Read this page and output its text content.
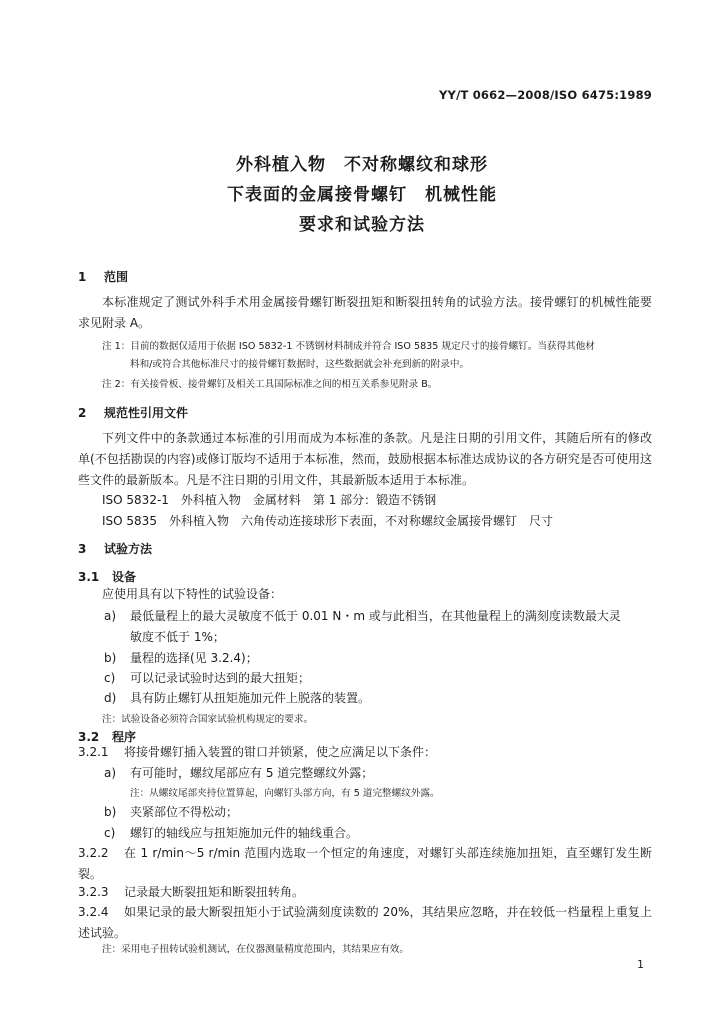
YY/T 0662—2008/ISO 6475:1989
外科植入物　不对称螺纹和球形
下表面的金属接骨螺钉　机械性能
要求和试验方法
1 范围
本标准规定了测试外科手术用金属接骨螺钉断裂扭矩和断裂扭转角的试验方法。接骨螺钉的机械性能要求见附录 A。
注 1：目前的数据仅适用于依据 ISO 5832-1 不锈钢材料制成并符合 ISO 5835 规定尺寸的接骨螺钉。当获得其他材
料和/或符合其他标准尺寸的接骨螺钉数据时，这些数据就会补充到新的附录中。
注 2：有关接骨板、接骨螺钉及相关工具国际标准之间的相互关系参见附录 B。
2 规范性引用文件
下列文件中的条款通过本标准的引用而成为本标准的条款。凡是注日期的引用文件，其随后所有的修改单(不包括勘误的内容)或修订版均不适用于本标准，然而，鼓励根据本标准达成协议的各方研究是否可使用这些文件的最新版本。凡是不注日期的引用文件，其最新版本适用于本标准。
ISO 5832-1　外科植入物　金属材料　第 1 部分：锻造不锈钢
ISO 5835　外科植入物　六角传动连接球形下表面，不对称螺纹金属接骨螺钉　尺寸
3 试验方法
3.1 设备
应使用具有以下特性的试验设备：
a) 最低量程上的最大灵敏度不低于 0.01 N・m 或与此相当，在其他量程上的满刻度读数最大灵
敏度不低于 1%；
b) 量程的选择(见 3.2.4)；
c) 可以记录试验时达到的最大扭矩；
d) 具有防止螺钉从扭矩施加元件上脱落的装置。
注：试验设备必须符合国家试验机构规定的要求。
3.2 程序
3.2.1 将接骨螺钉插入装置的钳口并锁紧，使之应满足以下条件：
a) 有可能时，螺纹尾部应有 5 道完整螺纹外露；
注：从螺纹尾部夹持位置算起，向螺钉头部方向，有 5 道完整螺纹外露。
b) 夹紧部位不得松动；
c) 螺钉的轴线应与扭矩施加元件的轴线重合。
3.2.2	在 1 r/min～5 r/min 范围内选取一个恒定的角速度，对螺钉头部连续施加扭矩，直至螺钉发生断裂。
3.2.3 记录最大断裂扭矩和断裂扭转角。
3.2.4	如果记录的最大断裂扭矩小于试验满刻度读数的 20%，其结果应忽略，并在较低一档量程上重复上述试验。
注：采用电子扭转试验机测试，在仪器测量精度范围内，其结果应有效。
1
